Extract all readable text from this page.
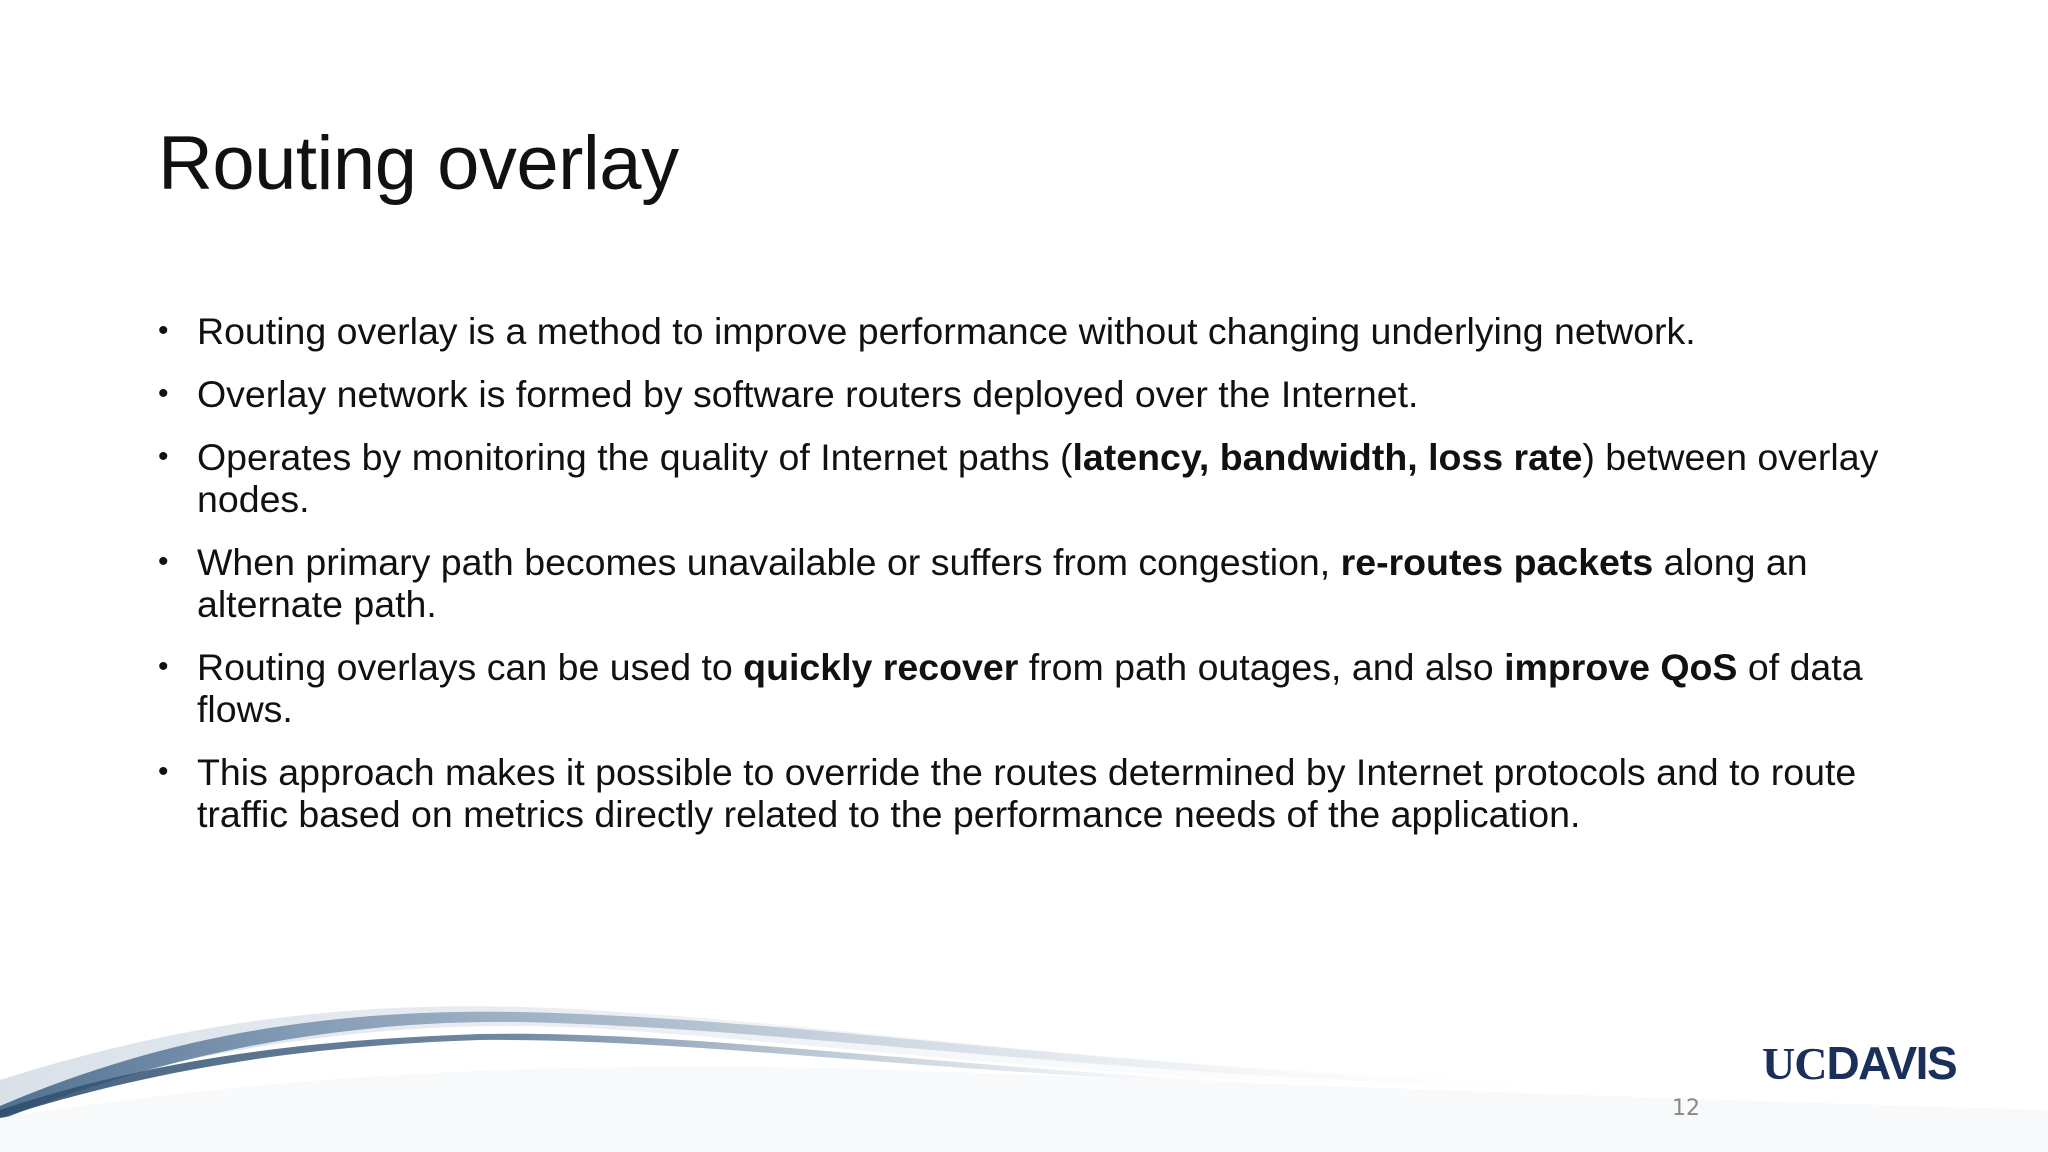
Routing overlay
• Routing overlay is a method to improve performance without changing underlying network.
• Overlay network is formed by software routers deployed over the Internet.
• Operates by monitoring the quality of Internet paths (latency, bandwidth, loss rate) between overlay nodes.
• When primary path becomes unavailable or suffers from congestion, re-routes packets along an alternate path.
• Routing overlays can be used to quickly recover from path outages, and also improve QoS of data flows.
• This approach makes it possible to override the routes determined by Internet protocols and to route traffic based on metrics directly related to the performance needs of the application.
UCDAVIS
12
